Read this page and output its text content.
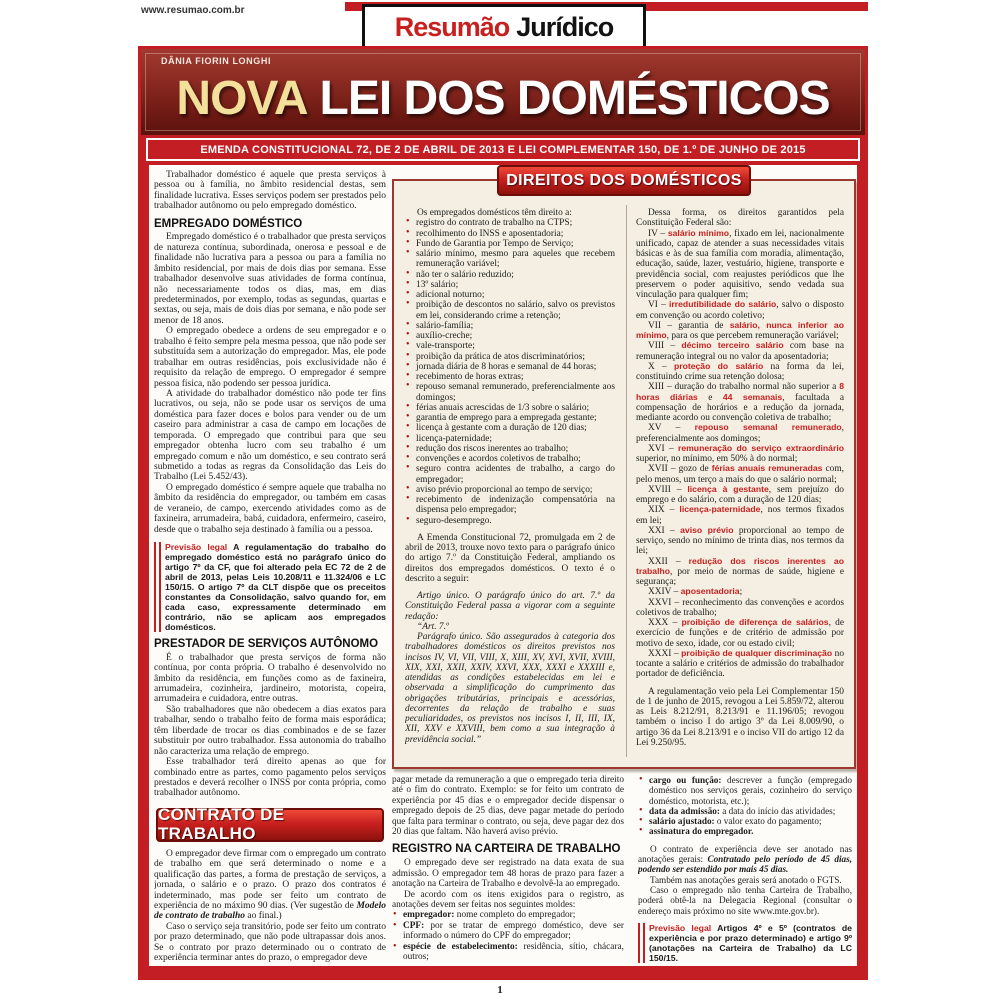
www.resumao.com.br
Resumão Jurídico
DÂNIA FIORIN LONGHI
NOVA LEI DOS DOMÉSTICOS
EMENDA CONSTITUCIONAL 72, DE 2 DE ABRIL DE 2013 E LEI COMPLEMENTAR 150, DE 1.º DE JUNHO DE 2015
Trabalhador doméstico é aquele que presta serviços à pessoa ou à família, no âmbito residencial destas, sem finalidade lucrativa. Esses serviços podem ser prestados pelo trabalhador autônomo ou pelo empregado doméstico.
EMPREGADO DOMÉSTICO
Empregado doméstico é o trabalhador que presta serviços de natureza contínua, subordinada, onerosa e pessoal e de finalidade não lucrativa para a pessoa ou para a família no âmbito residencial, por mais de dois dias por semana. Esse trabalhador desenvolve suas atividades de forma contínua, não necessariamente todos os dias, mas, em dias predeterminados, por exemplo, todas as segundas, quartas e sextas, ou seja, mais de dois dias por semana, e não pode ser menor de 18 anos.
O empregado obedece a ordens de seu empregador e o trabalho é feito sempre pela mesma pessoa, que não pode ser substituída sem a autorização do empregador. Mas, ele pode trabalhar em outras residências, pois exclusividade não é requisito da relação de emprego. O empregador é sempre pessoa física, não podendo ser pessoa jurídica.
A atividade do trabalhador doméstico não pode ter fins lucrativos, ou seja, não se pode usar os serviços de uma doméstica para fazer doces e bolos para vender ou de um caseiro para administrar a casa de campo em locações de temporada. O empregado que contribui para que seu empregador obtenha lucro com seu trabalho é um empregado comum e não um doméstico, e seu contrato será submetido a todas as regras da Consolidação das Leis do Trabalho (Lei 5.452/43).
O empregado doméstico é sempre aquele que trabalha no âmbito da residência do empregador, ou também em casas de veraneio, de campo, exercendo atividades como as de faxineira, arrumadeira, babá, cuidadora, enfermeiro, caseiro, desde que o trabalho seja destinado à família ou a pessoa.
Previsão legal A regulamentação do trabalho do empregado doméstico está no parágrafo único do artigo 7º da CF, que foi alterado pela EC 72 de 2 de abril de 2013, pelas Leis 10.208/11 e 11.324/06 e LC 150/15. O artigo 7º da CLT dispõe que os preceitos constantes da Consolidação, salvo quando for, em cada caso, expressamente determinado em contrário, não se aplicam aos empregados domésticos.
PRESTADOR DE SERVIÇOS AUTÔNOMO
É o trabalhador que presta serviços de forma não contínua, por conta própria. O trabalho é desenvolvido no âmbito da residência, em funções como as de faxineira, arrumadeira, cozinheira, jardineiro, motorista, copeira, arrumadeira e cuidadora, entre outras.
São trabalhadores que não obedecem a dias exatos para trabalhar, sendo o trabalho feito de forma mais esporádica; têm liberdade de trocar os dias combinados e de se fazer substituir por outro trabalhador. Essa autonomia do trabalho não caracteriza uma relação de emprego.
Esse trabalhador terá direito apenas ao que for combinado entre as partes, como pagamento pelos serviços prestados e deverá recolher o INSS por conta própria, como trabalhador autônomo.
CONTRATO DE TRABALHO
O empregador deve firmar com o empregado um contrato de trabalho em que será determinado o nome e a qualificação das partes, a forma de prestação de serviços, a jornada, o salário e o prazo. O prazo dos contratos é indeterminado, mas pode ser feito um contrato de experiência de no máximo 90 dias. (Ver sugestão de Modelo de contrato de trabalho ao final.)
Caso o serviço seja transitório, pode ser feito um contrato por prazo determinado, que não pode ultrapassar dois anos. Se o contrato por prazo determinado ou o contrato de experiência terminar antes do prazo, o empregador deve
Os empregados domésticos têm direito a:
• registro do contrato de trabalho na CTPS;
• recolhimento do INSS e aposentadoria;
• Fundo de Garantia por Tempo de Serviço;
• salário mínimo, mesmo para aqueles que recebem remuneração variável;
• não ter o salário reduzido;
• 13º salário;
• adicional noturno;
• proibição de descontos no salário, salvo os previstos em lei, considerando crime a retenção;
• salário-família;
• auxílio-creche;
• vale-transporte;
• proibição da prática de atos discriminatórios;
• jornada diária de 8 horas e semanal de 44 horas;
• recebimento de horas extras;
• repouso semanal remunerado, preferencialmente aos domingos;
• férias anuais acrescidas de 1/3 sobre o salário;
• garantia de emprego para a empregada gestante;
• licença à gestante com a duração de 120 dias;
• licença-paternidade;
• redução dos riscos inerentes ao trabalho;
• convenções e acordos coletivos de trabalho;
• seguro contra acidentes de trabalho, a cargo do empregador;
• aviso prévio proporcional ao tempo de serviço;
• recebimento de indenização compensatória na dispensa pelo empregador;
• seguro-desemprego.
A Emenda Constitucional 72, promulgada em 2 de abril de 2013, trouxe novo texto para o parágrafo único do artigo 7.º da Constituição Federal, ampliando os direitos dos empregados domésticos. O texto é o descrito a seguir:
Artigo único. O parágrafo único do art. 7.º da Constituição Federal passa a vigorar com a seguinte redação:
“Art. 7.º
Parágrafo único. São assegurados à categoria dos trabalhadores domésticos os direitos previstos nos incisos IV, VI, VII, VIII, X, XIII, XV, XVI, XVII, XVIII, XIX, XXI, XXII, XXIV, XXVI, XXX, XXXI e XXXIII e, atendidas as condições estabelecidas em lei e observada a simplificação do cumprimento das obrigações tributárias, principais e acessórias, decorrentes da relação de trabalho e suas peculiaridades, os previstos nos incisos I, II, III, IX, XII, XXV e XXVIII, bem como a sua integração à previdência social.”
Dessa forma, os direitos garantidos pela Constituição Federal são:
IV – salário mínimo, fixado em lei, nacionalmente unificado, capaz de atender a suas necessidades vitais básicas e às de sua família com moradia, alimentação, educação, saúde, lazer, vestuário, higiene, transporte e previdência social, com reajustes periódicos que lhe preservem o poder aquisitivo, sendo vedada sua vinculação para qualquer fim;
VI – irredutibilidade do salário, salvo o disposto em convenção ou acordo coletivo;
VII – garantia de salário, nunca inferior ao mínimo, para os que percebem remuneração variável;
VIII – décimo terceiro salário com base na remuneração integral ou no valor da aposentadoria;
X – proteção do salário na forma da lei, constituindo crime sua retenção dolosa;
XIII – duração do trabalho normal não superior a 8 horas diárias e 44 semanais, facultada a compensação de horários e a redução da jornada, mediante acordo ou convenção coletiva de trabalho;
XV – repouso semanal remunerado, preferencialmente aos domingos;
XVI – remuneração do serviço extraordinário superior, no mínimo, em 50% à do normal;
XVII – gozo de férias anuais remuneradas com, pelo menos, um terço a mais do que o salário normal;
XVIII – licença à gestante, sem prejuízo do emprego e do salário, com a duração de 120 dias;
XIX – licença-paternidade, nos termos fixados em lei;
XXI – aviso prévio proporcional ao tempo de serviço, sendo no mínimo de trinta dias, nos termos da lei;
XXII – redução dos riscos inerentes ao trabalho, por meio de normas de saúde, higiene e segurança;
XXIV – aposentadoria;
XXVI – reconhecimento das convenções e acordos coletivos de trabalho;
XXX – proibição de diferença de salários, de exercício de funções e de critério de admissão por motivo de sexo, idade, cor ou estado civil;
XXXI – proibição de qualquer discriminação no tocante a salário e critérios de admissão do trabalhador portador de deficiência.
A regulamentação veio pela Lei Complementar 150 de 1 de junho de 2015, revogou a Lei 5.859/72, alterou as Leis 8.212/91, 8.213/91 e 11.196/05; revogou também o inciso I do artigo 3º da Lei 8.009/90, o artigo 36 da Lei 8.213/91 e o inciso VII do artigo 12 da Lei 9.250/95.
DIREITOS DOS DOMÉSTICOS
pagar metade da remuneração a que o empregado teria direito até o fim do contrato. Exemplo: se for feito um contrato de experiência por 45 dias e o empregador decide dispensar o empregado depois de 25 dias, deve pagar metade do período que falta para terminar o contrato, ou seja, deve pagar dez dos 20 dias que faltam. Não haverá aviso prévio.
REGISTRO NA CARTEIRA DE TRABALHO
O empregado deve ser registrado na data exata de sua admissão. O empregador tem 48 horas de prazo para fazer a anotação na Carteira de Trabalho e devolvê-la ao empregado.
De acordo com os itens exigidos para o registro, as anotações devem ser feitas nos seguintes moldes:
• empregador: nome completo do empregador;
• CPF: por se tratar de emprego doméstico, deve ser informado o número do CPF do empregador;
• espécie de estabelecimento: residência, sítio, chácara, outros;
• cargo ou função: descrever a função (empregado doméstico nos serviços gerais, cozinheiro do serviço doméstico, motorista, etc.);
• data da admissão: a data do início das atividades;
• salário ajustado: o valor exato do pagamento;
• assinatura do empregador.
O contrato de experiência deve ser anotado nas anotações gerais: Contratado pelo período de 45 dias, podendo ser estendido por mais 45 dias.
Também nas anotações gerais será anotado o FGTS.
Caso o empregado não tenha Carteira de Trabalho, poderá obtê-la na Delegacia Regional (consultar o endereço mais próximo no site www.mte.gov.br).
Previsão legal Artigos 4º e 5º (contratos de experiência e por prazo determinado) e artigo 9º (anotações na Carteira de Trabalho) da LC 150/15.
1
